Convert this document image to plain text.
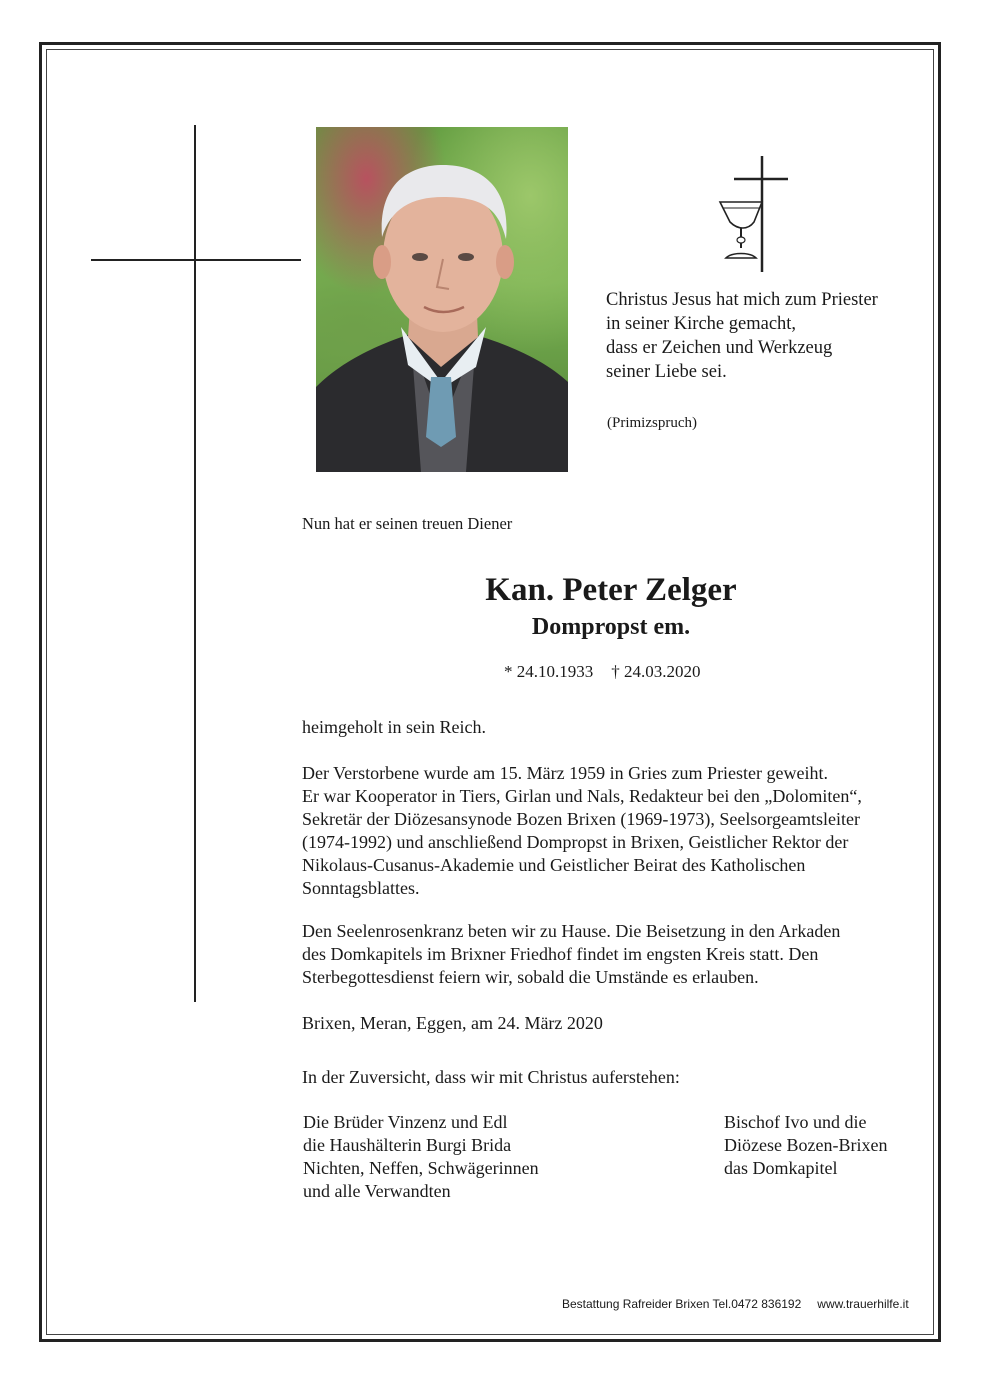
Christus Jesus hat mich zum Priester
in seiner Kirche gemacht,
dass er Zeichen und Werkzeug
seiner Liebe sei.
(Primizspruch)
Nun hat er seinen treuen Diener
Kan. Peter Zelger
Dompropst em.
* 24.10.1933 † 24.03.2020
heimgeholt in sein Reich.
Der Verstorbene wurde am 15. März 1959 in Gries zum Priester geweiht.
Er war Kooperator in Tiers, Girlan und Nals, Redakteur bei den „Dolomiten“,
Sekretär der Diözesansynode Bozen Brixen (1969-1973), Seelsorgeamtsleiter
(1974-1992) und anschließend Dompropst in Brixen, Geistlicher Rektor der
Nikolaus-Cusanus-Akademie und Geistlicher Beirat des Katholischen
Sonntagsblattes.
Den Seelenrosenkranz beten wir zu Hause. Die Beisetzung in den Arkaden
des Domkapitels im Brixner Friedhof findet im engsten Kreis statt. Den
Sterbegottesdienst feiern wir, sobald die Umstände es erlauben.
Brixen, Meran, Eggen, am 24. März 2020
In der Zuversicht, dass wir mit Christus auferstehen:
Die Brüder Vinzenz und Edl
die Haushälterin Burgi Brida
Nichten, Neffen, Schwägerinnen
und alle Verwandten
Bischof Ivo und die
Diözese Bozen-Brixen
das Domkapitel
Bestattung Rafreider Brixen Tel.0472 836192 www.trauerhilfe.it
